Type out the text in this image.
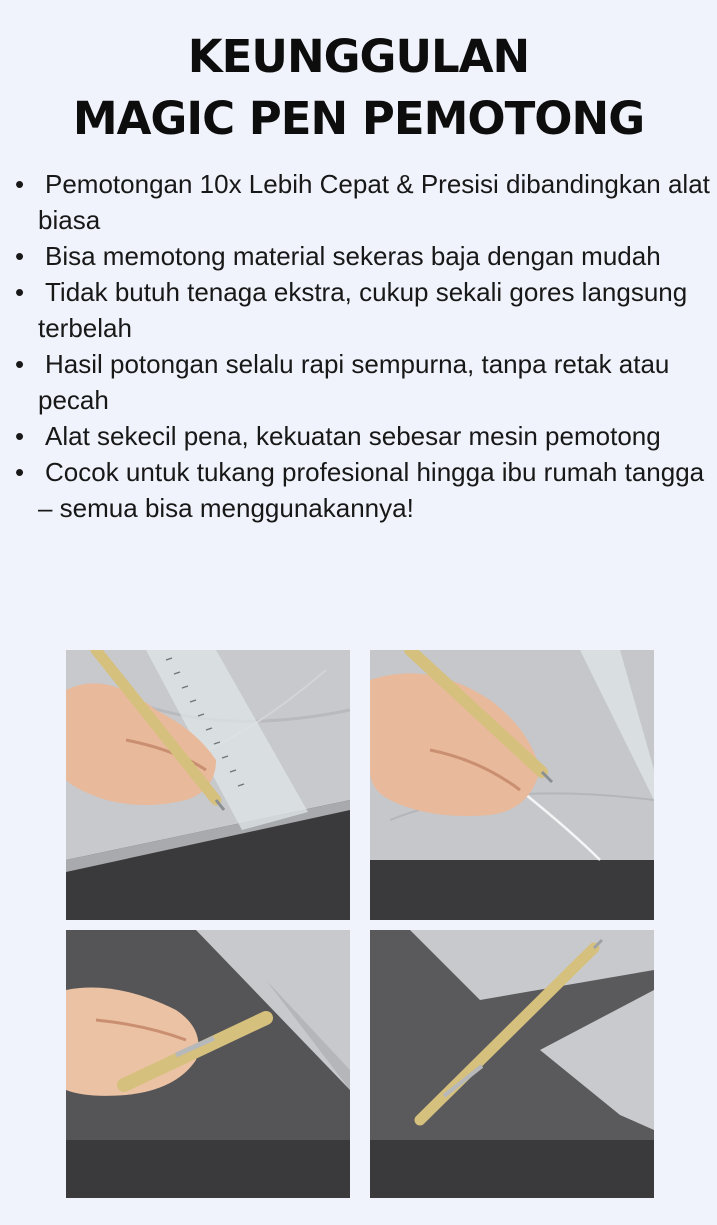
KEUNGGULAN
MAGIC PEN PEMOTONG
• Pemotongan 10x Lebih Cepat & Presisi dibandingkan alat biasa
• Bisa memotong material sekeras baja dengan mudah
• Tidak butuh tenaga ekstra, cukup sekali gores langsung terbelah
• Hasil potongan selalu rapi sempurna, tanpa retak atau pecah
• Alat sekecil pena, kekuatan sebesar mesin pemotong
• Cocok untuk tukang profesional hingga ibu rumah tangga – semua bisa menggunakannya!
